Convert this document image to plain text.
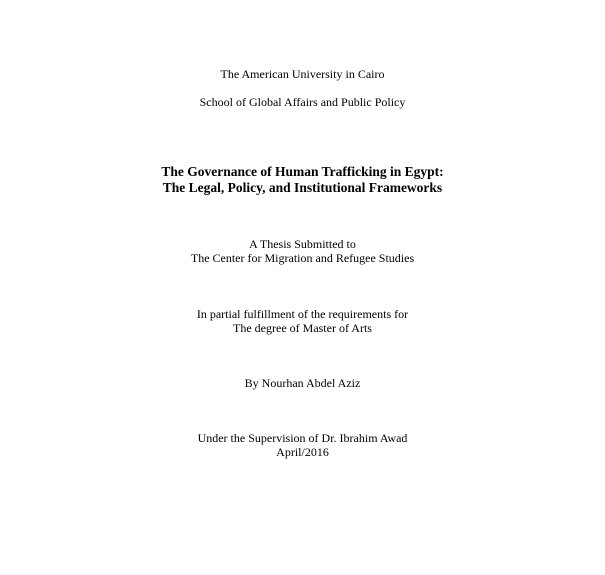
The American University in Cairo
School of Global Affairs and Public Policy
The Governance of Human Trafficking in Egypt:
The Legal, Policy, and Institutional Frameworks
A Thesis Submitted to
The Center for Migration and Refugee Studies
In partial fulfillment of the requirements for
The degree of Master of Arts
By Nourhan Abdel Aziz
Under the Supervision of Dr. Ibrahim Awad
April/2016
